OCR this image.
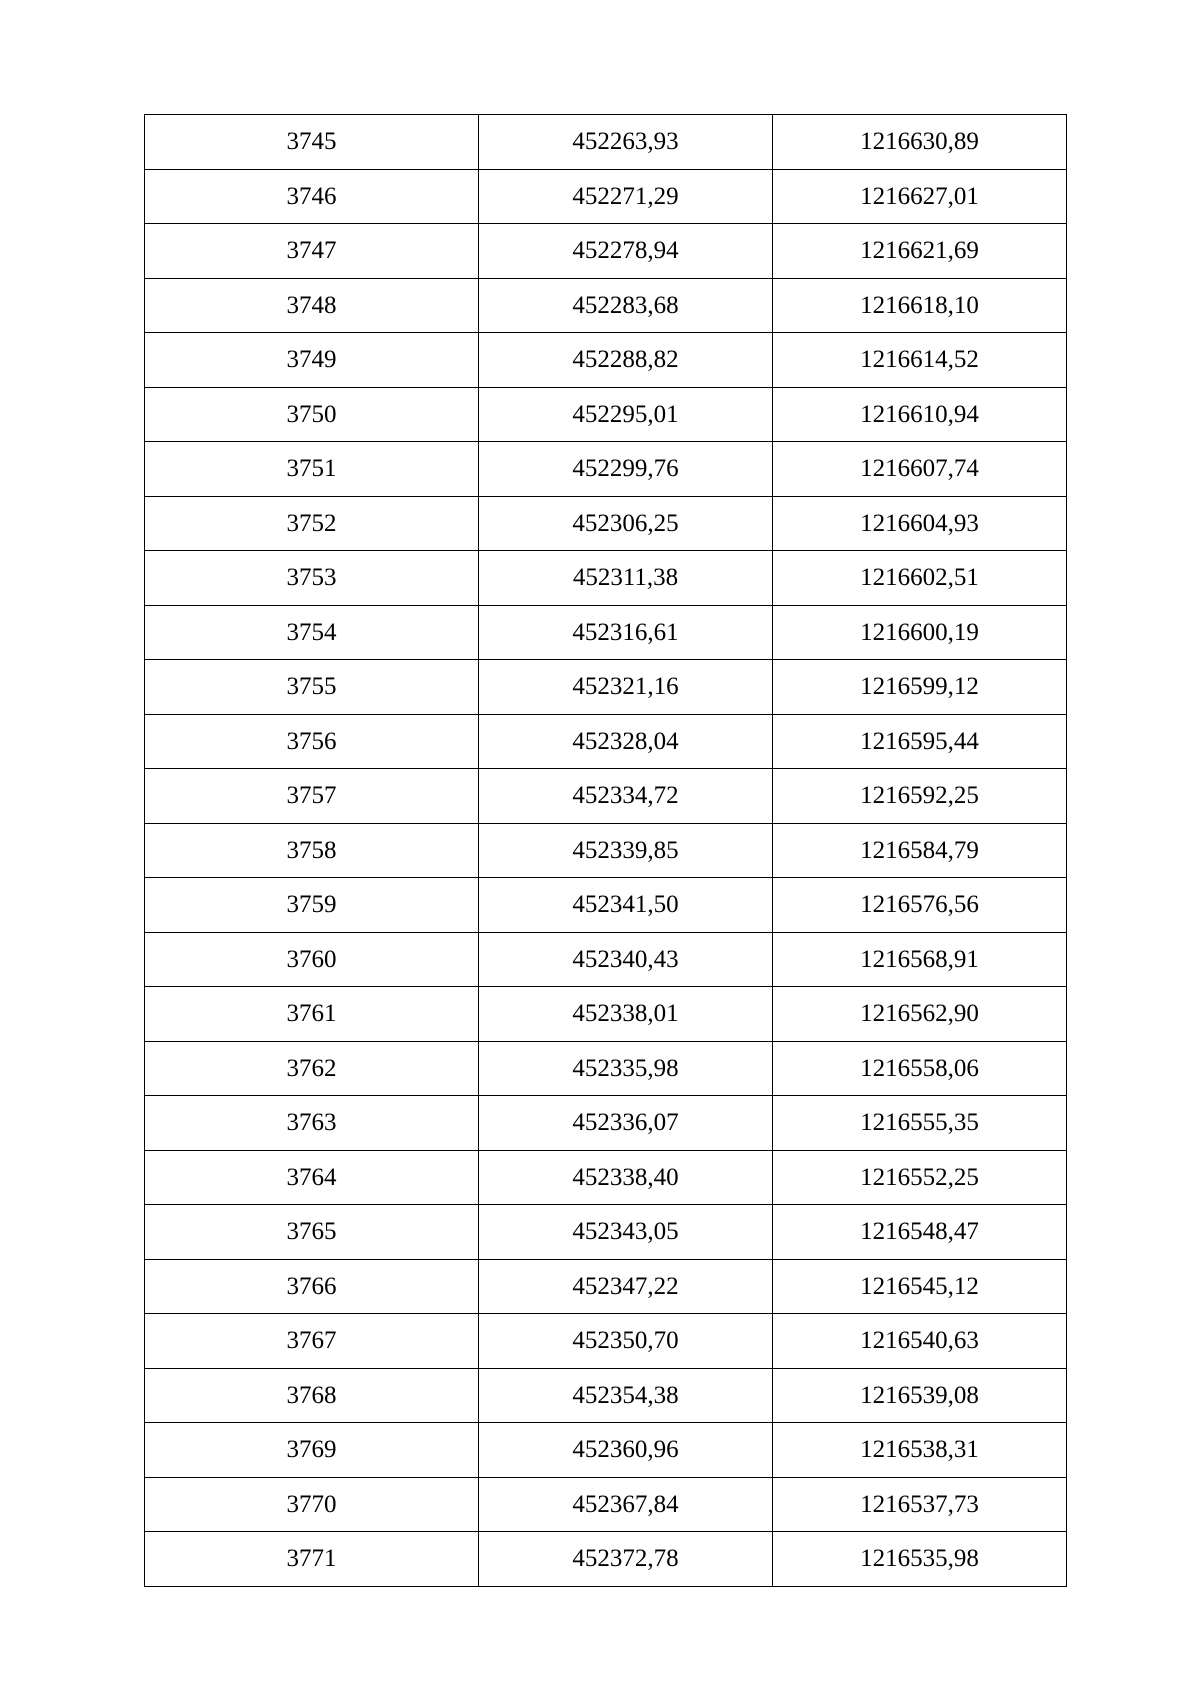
3745	452263,93	1216630,89
3746	452271,29	1216627,01
3747	452278,94	1216621,69
3748	452283,68	1216618,10
3749	452288,82	1216614,52
3750	452295,01	1216610,94
3751	452299,76	1216607,74
3752	452306,25	1216604,93
3753	452311,38	1216602,51
3754	452316,61	1216600,19
3755	452321,16	1216599,12
3756	452328,04	1216595,44
3757	452334,72	1216592,25
3758	452339,85	1216584,79
3759	452341,50	1216576,56
3760	452340,43	1216568,91
3761	452338,01	1216562,90
3762	452335,98	1216558,06
3763	452336,07	1216555,35
3764	452338,40	1216552,25
3765	452343,05	1216548,47
3766	452347,22	1216545,12
3767	452350,70	1216540,63
3768	452354,38	1216539,08
3769	452360,96	1216538,31
3770	452367,84	1216537,73
3771	452372,78	1216535,98
